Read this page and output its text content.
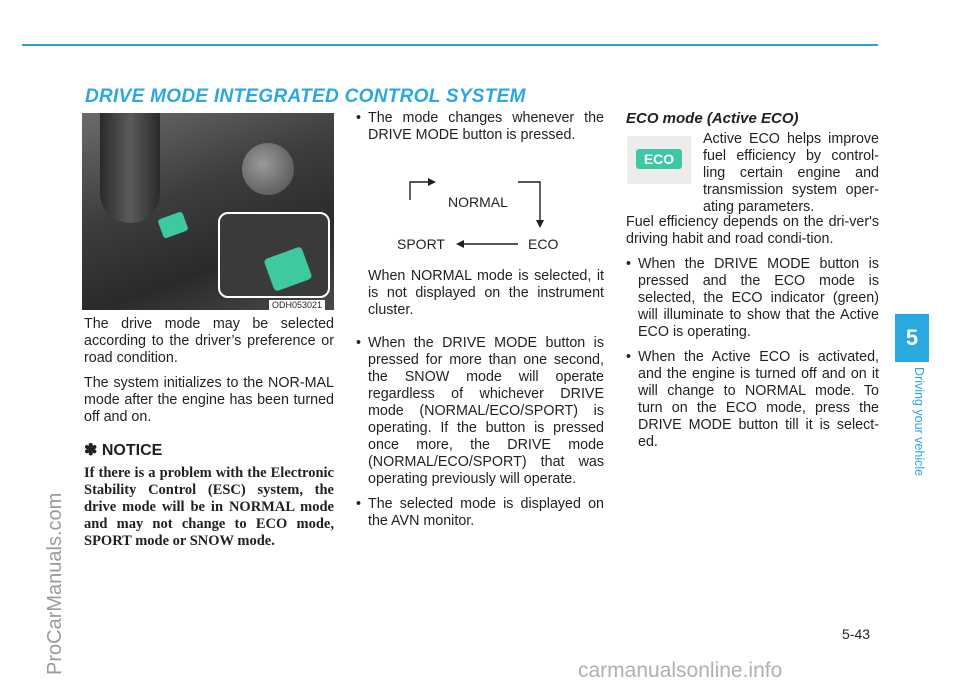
DRIVE MODE INTEGRATED CONTROL SYSTEM
ODH053021

The drive mode may be selected according to the driver’s preference or road condition.

The system initializes to the NOR-MAL mode after the engine has been turned off and on.

✽ NOTICE

If there is a problem with the Electronic Stability Control (ESC) system, the drive mode will be in NORMAL mode and may not change to ECO mode, SPORT mode or SNOW mode.

• The mode changes whenever the DRIVE MODE button is pressed.
NORMAL
SPORT	ECO

When NORMAL mode is selected, it is not displayed on the instrument cluster.

• When the DRIVE MODE button is pressed for more than one second, the SNOW mode will operate regardless of whichever DRIVE mode (NORMAL/ECO/SPORT) is operating. If the button is pressed once more, the DRIVE mode (NORMAL/ECO/SPORT) that was operating previously will operate.
• The selected mode is displayed on the AVN monitor.
ECO mode (Active ECO)
ECO

Active ECO helps improve fuel efficiency by control-ling certain engine and transmission system oper-ating parameters.

Fuel efficiency depends on the dri-ver's driving habit and road condi-tion.

• When the DRIVE MODE button is pressed and the ECO mode is selected, the ECO indicator (green) will illuminate to show that the Active ECO is operating.
• When the Active ECO is activated, and the engine is turned off and on it will change to NORMAL mode. To turn on the ECO mode, press the DRIVE MODE button till it is select-ed.
5
Driving your vehicle
5-43
ProCarManuals.com	carmanualsonline.info
